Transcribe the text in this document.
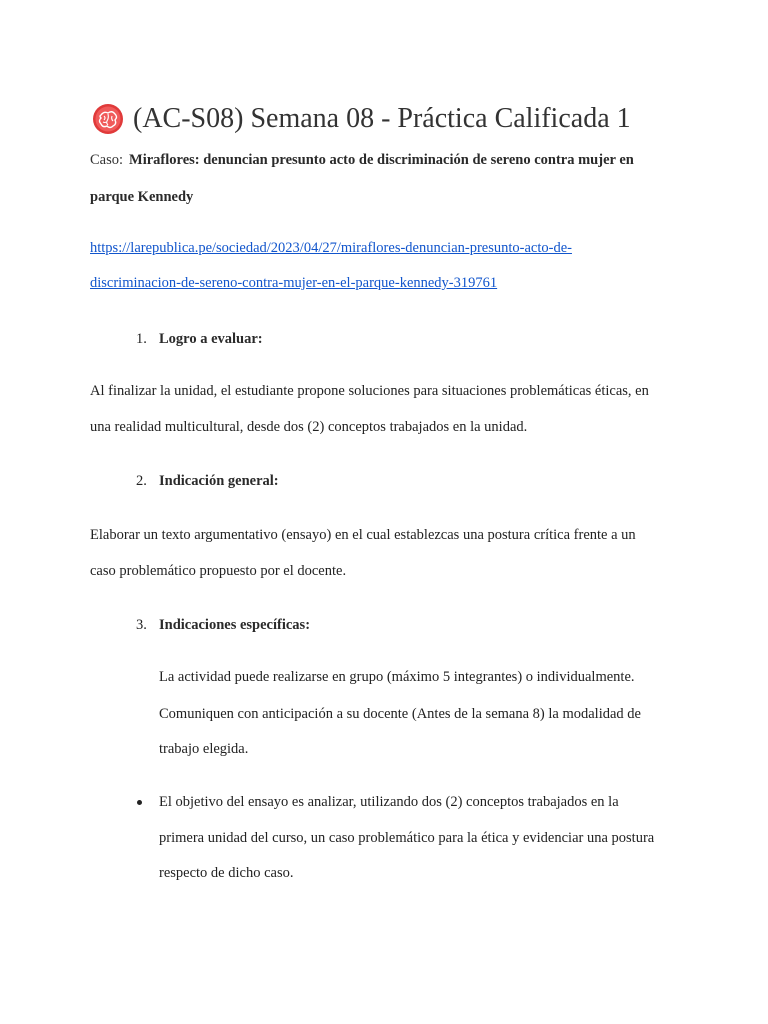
(AC-S08) Semana 08 - Práctica Calificada 1
Caso: Miraflores: denuncian presunto acto de discriminación de sereno contra mujer en
parque Kennedy
https://larepublica.pe/sociedad/2023/04/27/miraflores-denuncian-presunto-acto-de-
discriminacion-de-sereno-contra-mujer-en-el-parque-kennedy-319761
1. Logro a evaluar:
Al finalizar la unidad, el estudiante propone soluciones para situaciones problemáticas éticas, en
una realidad multicultural, desde dos (2) conceptos trabajados en la unidad.
2. Indicación general:
Elaborar un texto argumentativo (ensayo) en el cual establezcas una postura crítica frente a un
caso problemático propuesto por el docente.
3. Indicaciones específicas:
La actividad puede realizarse en grupo (máximo 5 integrantes) o individualmente.
Comuniquen con anticipación a su docente (Antes de la semana 8) la modalidad de
trabajo elegida.
El objetivo del ensayo es analizar, utilizando dos (2) conceptos trabajados en la
primera unidad del curso, un caso problemático para la ética y evidenciar una postura
respecto de dicho caso.
